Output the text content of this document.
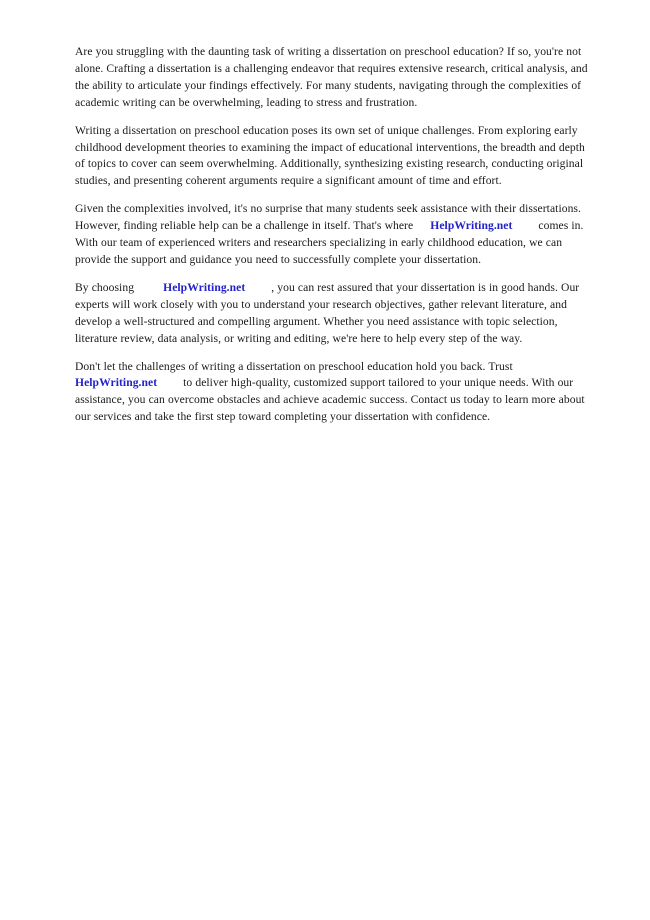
Are you struggling with the daunting task of writing a dissertation on preschool education? If so, you're not alone. Crafting a dissertation is a challenging endeavor that requires extensive research, critical analysis, and the ability to articulate your findings effectively. For many students, navigating through the complexities of academic writing can be overwhelming, leading to stress and frustration.

Writing a dissertation on preschool education poses its own set of unique challenges. From exploring early childhood development theories to examining the impact of educational interventions, the breadth and depth of topics to cover can seem overwhelming. Additionally, synthesizing existing research, conducting original studies, and presenting coherent arguments require a significant amount of time and effort.

Given the complexities involved, it's no surprise that many students seek assistance with their dissertations. However, finding reliable help can be a challenge in itself. That's where HelpWriting.net comes in. With our team of experienced writers and researchers specializing in early childhood education, we can provide the support and guidance you need to successfully complete your dissertation.

By choosing	HelpWriting.net , you can rest assured that your dissertation is in good hands. Our experts will work closely with you to understand your research objectives, gather relevant literature, and develop a well-structured and compelling argument. Whether you need assistance with topic selection, literature review, data analysis, or writing and editing, we're here to help every step of the way.

Don't let the challenges of writing a dissertation on preschool education hold you back. Trust HelpWriting.net to deliver high-quality, customized support tailored to your unique needs. With our assistance, you can overcome obstacles and achieve academic success. Contact us today to learn more about our services and take the first step toward completing your dissertation with confidence.
